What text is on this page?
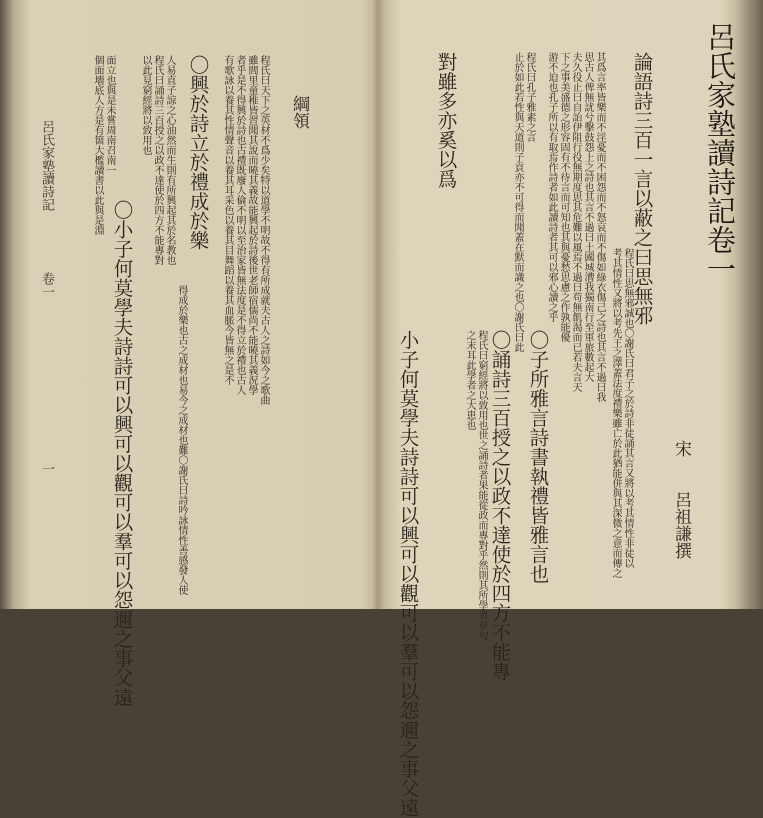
呂氏家塾讀詩記卷一
宋　　呂祖謙撰
論語詩三百一言以蔽之曰思無邪
程氏曰思無邪誠也〇謝氏曰君子之於詩非徒誦其言又將以考其情性非徒以
考其情性又將以考先王之澤蓋法度禮樂雖亡於此猶能併與其深微之意而傳之
其爲言率皆樂而不淫憂而不困怨而不怒哀而不傷如綠衣傷己之詩也其言不過曰我
思古人俾無訧兮擊鼓怨上之詩也其言不過曰土國城漕我獨南行至軍旅數起大
夫久役止曰自詒伊阻行役無期度思其危難以風焉不過曰苟無飢渴而已若夫言天
下之事美盛德之形容固有不待言而可知也其與憂愁思慮之作孰能優
游不迫也孔子所以有取焉作詩者如此讀詩者其可以邪心讀之乎
〇子所雅言詩書執禮皆雅言也
程氏曰孔子雅素之言
止於如此若性與天道則子貢亦不可得而聞蓋在默而識之也〇謝氏曰此
〇誦詩三百授之以政不達使於四方不能專
程氏曰窮經將以致用也世之誦詩者果能從政而專對乎然則其所學者章句
之末耳此學者之大患也
對雖多亦奚以爲
小子何莫學夫詩詩可以興可以觀可以羣可以怨邇之事父遠
綱領
程氏曰天下之英材不爲少矣特以道學不明故不得有所成就夫古人之詩如今之歌曲
雖閭里童稚皆習聞其說而曉其義故能興起於詩後世老師宿儒尚不能曉其義況學
者乎是不得興於詩也古禮既廢人倫不明以至治家皆無法度是不得立於禮也古人
有歌詠以養其性情聲音以養其耳采色以養其目舞蹈以養其血脈今皆無之是不
〇興於詩立於禮成於樂
得成於樂也古之成材也易今之成材也難〇謝氏曰詩吟詠情性善感發人使
人易直子諒之心油然而生則有所興起其於名教也
程氏曰誦詩三百授之以政不達使於四方不能專對
以此見窮經將以致用也
面立也與是未嘗周南召南一
個面墻底人方是有箇大檻讀書以此與是淵
〇小子何莫學夫詩詩可以興可以觀可以羣可以怨邇之事父遠
呂氏家塾讀詩記
卷一
一
